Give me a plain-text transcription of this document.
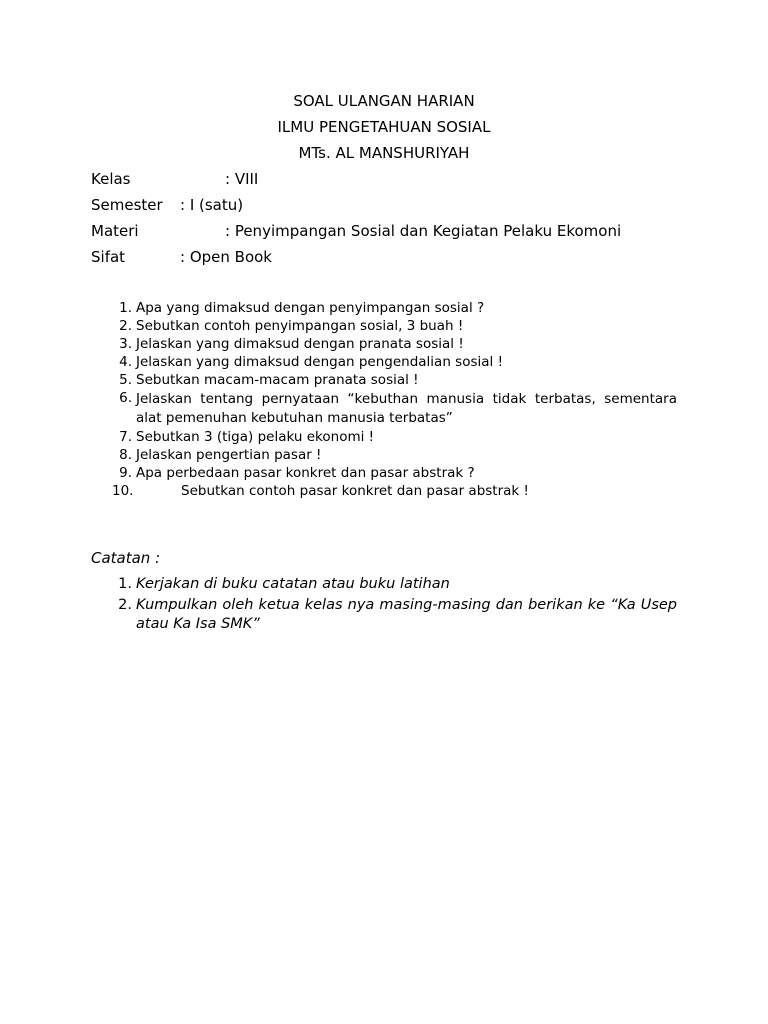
SOAL ULANGAN HARIAN
ILMU PENGETAHUAN SOSIAL
MTs. AL MANSHURIYAH
Kelas	: VIII
Semester : I (satu)
Materi	: Penyimpangan Sosial dan Kegiatan Pelaku Ekomoni
Sifat	: Open Book
1. Apa yang dimaksud dengan penyimpangan sosial ?
2. Sebutkan contoh penyimpangan sosial, 3 buah !
3. Jelaskan yang dimaksud dengan pranata sosial !
4. Jelaskan yang dimaksud dengan pengendalian sosial !
5. Sebutkan macam-macam pranata sosial !
6. Jelaskan tentang pernyataan “kebuthan manusia tidak terbatas, sementara alat pemenuhan kebutuhan manusia terbatas”
7. Sebutkan 3 (tiga) pelaku ekonomi !
8. Jelaskan pengertian pasar !
9. Apa perbedaan pasar konkret dan pasar abstrak ?
10.	Sebutkan contoh pasar konkret dan pasar abstrak !
Catatan :
1. Kerjakan di buku catatan atau buku latihan
2. Kumpulkan oleh ketua kelas nya masing-masing dan berikan ke “Ka Usep atau Ka Isa SMK”
